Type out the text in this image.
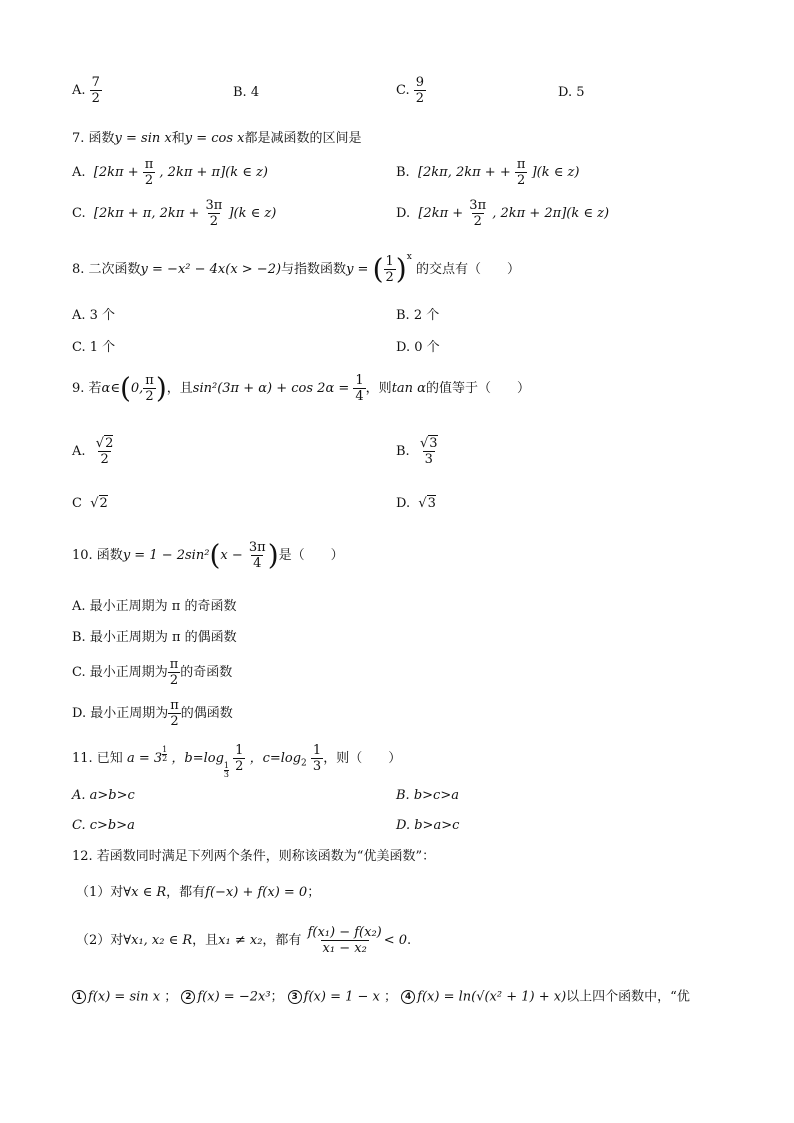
A. $\frac{7}{2}$	B. 4	C. $\frac{9}{2}$	D. 5
7. 函数y = sin x和y = cos x都是减函数的区间是
A. [$2k\pi + \frac{\pi}{2}$ , 2kπ + π](k ∈ z)	B. [2kπ, 2kπ + + $\frac{\pi}{2} ](k$ ∈ z)
C. [2kπ + π, $2k\pi + \frac{3\pi}{2} ](k$ ∈ z)	D. [$2k\pi + \frac{3\pi}{2}$ , 2kπ + 2π](k ∈ z)
8. 二次函数y = −x² − 4x(x > −2)与指数函数y = ( $\frac{1}{2} )^x$ 的交点有（　　）
A. 3 个	B. 2 个
C. 1 个	D. 0 个
9. 若α∈(0, $\frac{\pi}{2}$ )，且$\sin^2(3\pi + \alpha) + \cos 2\alpha = \frac{1}{4}$ ，则tan α的值等于（　　）
A. $\frac{√2}{2}$	B. $\frac{√3}{3}$
C  √2	D.  √3
10. 函数$y = 1 - 2\sin^2(x - \frac{3\pi}{4}$ )是（　　）
A. 最小正周期为 π 的奇函数
B. 最小正周期为 π 的偶函数
C. 最小正周期为 $\frac{\pi}{2}$ 的奇函数
D. 最小正周期为 $\frac{\pi}{2}$ 的偶函数
11. 已知 a = 3 $^{\frac{1}{2}}$ ，b=log
$_{\frac{1}{3}}$
$\frac{1}{2}$ ，$c=\log_2 \frac{1}{3}$ ，则（　　）
A. a>b>c	B. b>c>a
C. c>b>a	D. b>a>c
12. 若函数同时满足下列两个条件，则称该函数为“优美函数”：
（1）对∀x ∈ R，都有f(−x) + f(x) = 0；
（2）对∀x₁, x₂ ∈ R，且x₁ ≠ x₂，都有 $\frac{\text{f(x₁) − f(x₂)}}{\text{x₁ − x₂}} < 0$.
1 f(x) = sin x ； 2 f(x) = −2x³； 3 f(x) = 1 − x ； 4 f(x) = ln(√(x² + 1) + x)以上四个函数中，“优
